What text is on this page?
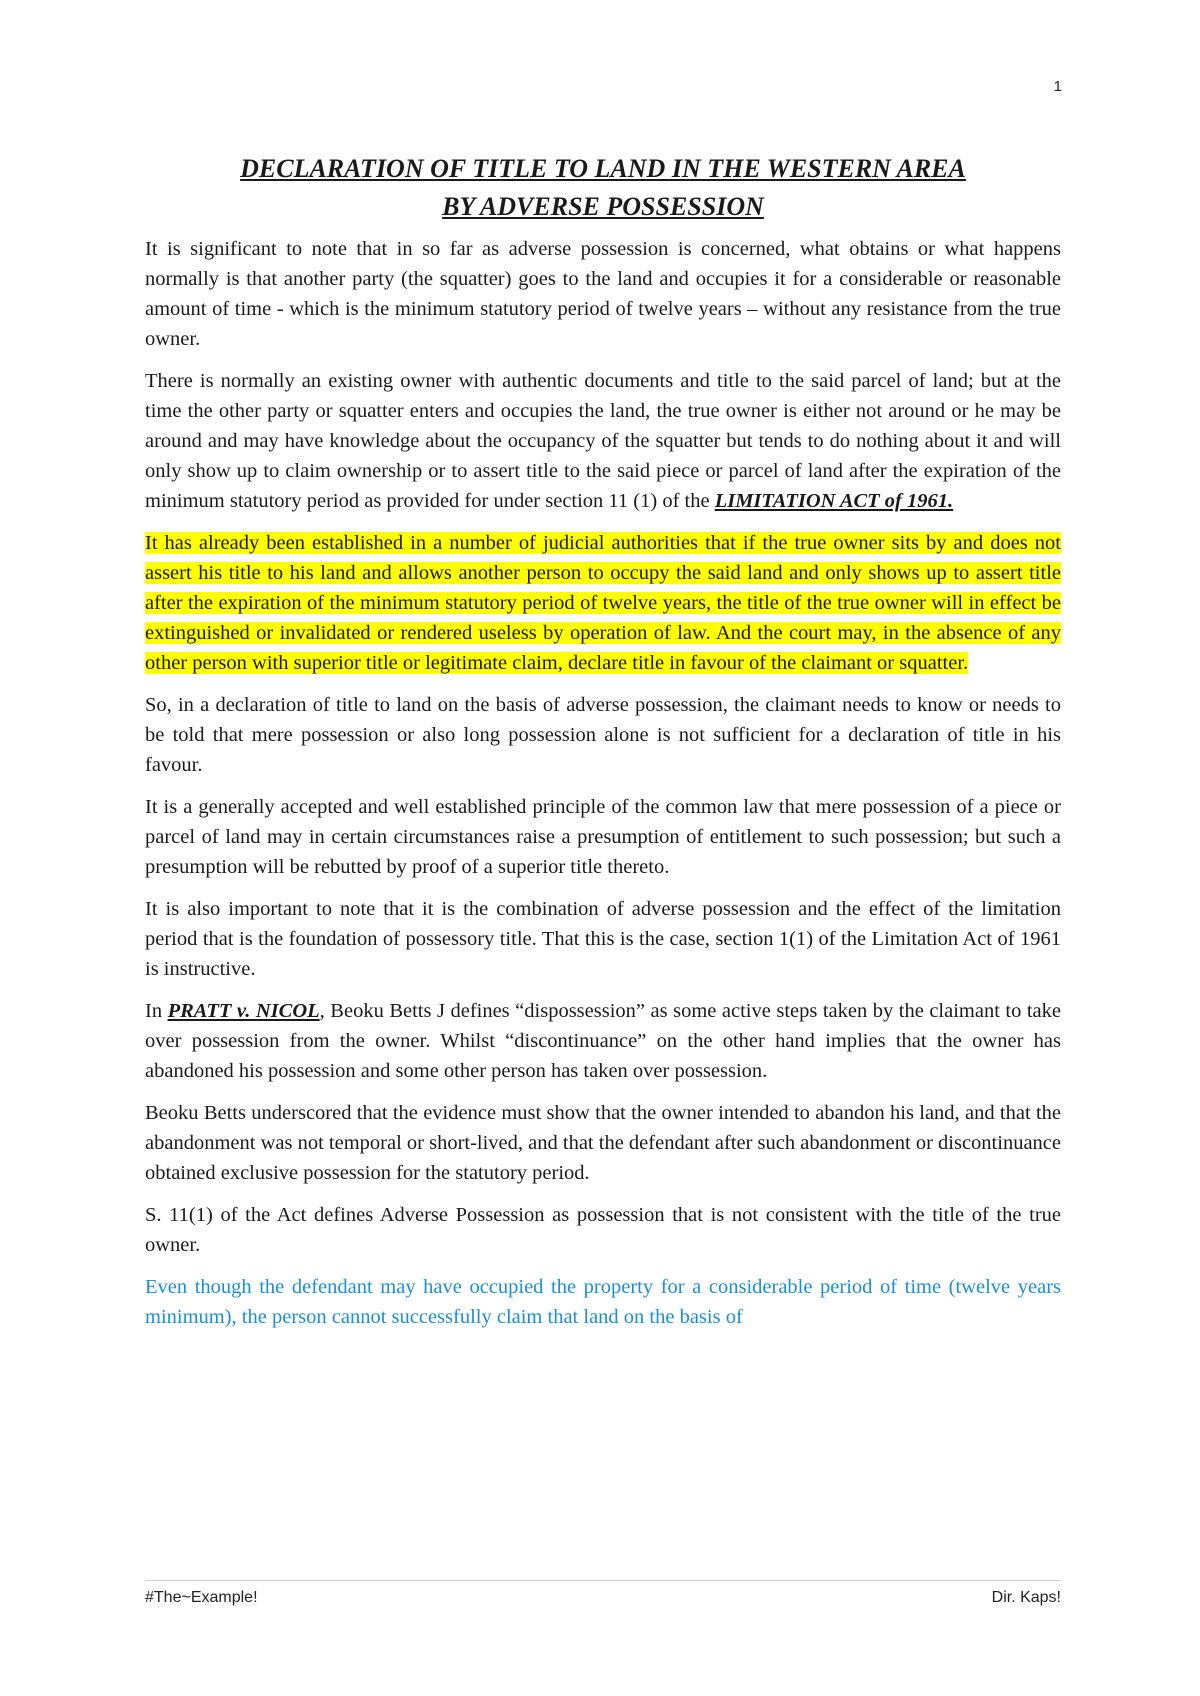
1
DECLARATION OF TITLE TO LAND IN THE WESTERN AREA
BY ADVERSE POSSESSION

It is significant to note that in so far as adverse possession is concerned, what obtains or what happens normally is that another party (the squatter) goes to the land and occupies it for a considerable or reasonable amount of time - which is the minimum statutory period of twelve years – without any resistance from the true owner.

There is normally an existing owner with authentic documents and title to the said parcel of land; but at the time the other party or squatter enters and occupies the land, the true owner is either not around or he may be around and may have knowledge about the occupancy of the squatter but tends to do nothing about it and will only show up to claim ownership or to assert title to the said piece or parcel of land after the expiration of the minimum statutory period as provided for under section 11 (1) of the LIMITATION ACT of 1961.

It has already been established in a number of judicial authorities that if the true owner sits by and does not assert his title to his land and allows another person to occupy the said land and only shows up to assert title after the expiration of the minimum statutory period of twelve years, the title of the true owner will in effect be extinguished or invalidated or rendered useless by operation of law. And the court may, in the absence of any other person with superior title or legitimate claim, declare title in favour of the claimant or squatter.

So, in a declaration of title to land on the basis of adverse possession, the claimant needs to know or needs to be told that mere possession or also long possession alone is not sufficient for a declaration of title in his favour.

It is a generally accepted and well established principle of the common law that mere possession of a piece or parcel of land may in certain circumstances raise a presumption of entitlement to such possession; but such a presumption will be rebutted by proof of a superior title thereto.

It is also important to note that it is the combination of adverse possession and the effect of the limitation period that is the foundation of possessory title. That this is the case, section 1(1) of the Limitation Act of 1961 is instructive.

In PRATT v. NICOL, Beoku Betts J defines “dispossession” as some active steps taken by the claimant to take over possession from the owner. Whilst “discontinuance” on the other hand implies that the owner has abandoned his possession and some other person has taken over possession.

Beoku Betts underscored that the evidence must show that the owner intended to abandon his land, and that the abandonment was not temporal or short-lived, and that the defendant after such abandonment or discontinuance obtained exclusive possession for the statutory period.

S. 11(1) of the Act defines Adverse Possession as possession that is not consistent with the title of the true owner.

Even though the defendant may have occupied the property for a considerable period of time (twelve years minimum), the person cannot successfully claim that land on the basis of

#The~Example!	Dir. Kaps!
